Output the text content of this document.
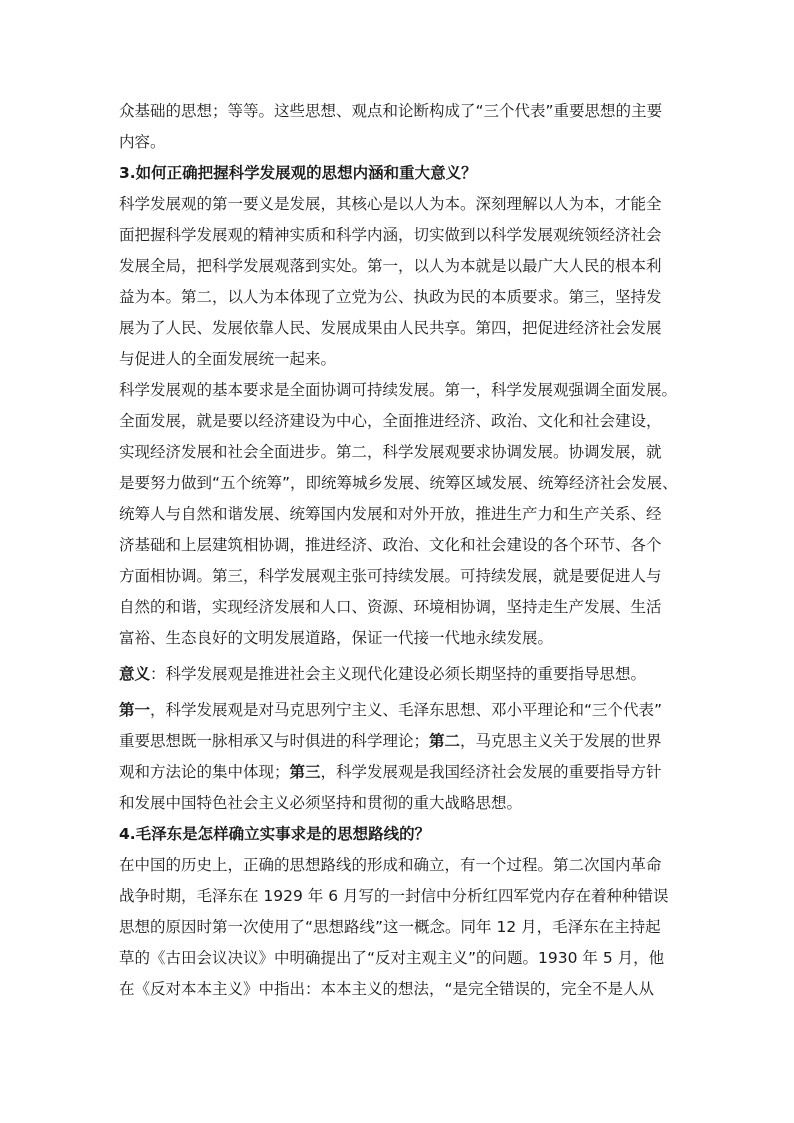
众基础的思想；等等。这些思想、观点和论断构成了“三个代表”重要思想的主要
内容。

3.如何正确把握科学发展观的思想内涵和重大意义？

科学发展观的第一要义是发展，其核心是以人为本。深刻理解以人为本，才能全
面把握科学发展观的精神实质和科学内涵，切实做到以科学发展观统领经济社会
发展全局，把科学发展观落到实处。第一，以人为本就是以最广大人民的根本利
益为本。第二，以人为本体现了立党为公、执政为民的本质要求。第三，坚持发
展为了人民、发展依靠人民、发展成果由人民共享。第四，把促进经济社会发展
与促进人的全面发展统一起来。

科学发展观的基本要求是全面协调可持续发展。第一，科学发展观强调全面发展。
全面发展，就是要以经济建设为中心，全面推进经济、政治、文化和社会建设，
实现经济发展和社会全面进步。第二，科学发展观要求协调发展。协调发展，就
是要努力做到“五个统筹”，即统筹城乡发展、统筹区域发展、统筹经济社会发展、
统筹人与自然和谐发展、统筹国内发展和对外开放，推进生产力和生产关系、经
济基础和上层建筑相协调，推进经济、政治、文化和社会建设的各个环节、各个
方面相协调。第三，科学发展观主张可持续发展。可持续发展，就是要促进人与
自然的和谐，实现经济发展和人口、资源、环境相协调，坚持走生产发展、生活
富裕、生态良好的文明发展道路，保证一代接一代地永续发展。

意义：科学发展观是推进社会主义现代化建设必须长期坚持的重要指导思想。

第一，科学发展观是对马克思列宁主义、毛泽东思想、邓小平理论和“三个代表”
重要思想既一脉相承又与时俱进的科学理论；第二，马克思主义关于发展的世界
观和方法论的集中体现；第三，科学发展观是我国经济社会发展的重要指导方针
和发展中国特色社会主义必须坚持和贯彻的重大战略思想。

4.毛泽东是怎样确立实事求是的思想路线的？

在中国的历史上，正确的思想路线的形成和确立，有一个过程。第二次国内革命
战争时期，毛泽东在 1929 年 6 月写的一封信中分析红四军党内存在着种种错误
思想的原因时第一次使用了“思想路线”这一概念。同年 12 月，毛泽东在主持起
草的《古田会议决议》中明确提出了“反对主观主义”的问题。1930 年 5 月，他
在《反对本本主义》中指出：本本主义的想法，“是完全错误的，完全不是人从
